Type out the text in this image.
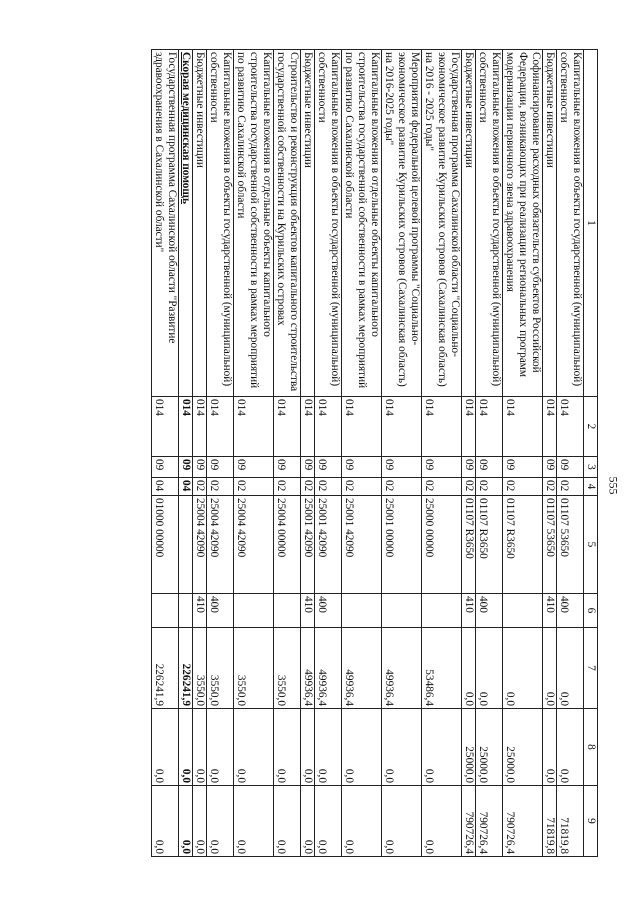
555
1	2	3	4	5	6	7	8	9
Капитальные вложения в объекты государственной (муниципальной) собственности	014	09	02	01107 53650	400	0,0	0,0	71819,8
Бюджетные инвестиции	014	09	02	01107 53650	410	0,0	0,0	71819,8
Софинансирование расходных обязательств субъектов Российской Федерации, возникающих при реализации региональных программ модернизации первичного звена здравоохранения	014	09	02	01107 R3650		0,0	25000,0	790726,4
Капитальные вложения в объекты государственной (муниципальной) собственности	014	09	02	01107 R3650	400	0,0	25000,0	790726,4
Бюджетные инвестиции	014	09	02	01107 R3650	410	0,0	25000,0	790726,4
Государственная программа Сахалинской области "Социально-экономическое развитие Курильских островов (Сахалинская область) на 2016 - 2025 годы"	014	09	02	25000 00000		53486,4	0,0	0,0
Мероприятия федеральной целевой программы "Социально-экономическое развитие Курильских островов (Сахалинская область) на 2016-2025 годы"	014	09	02	25001 00000		49936,4	0,0	0,0
Капитальные вложения в отдельные объекты капитального строительства государственной собственности в рамках мероприятий по развитию Сахалинской области	014	09	02	25001 42090		49936,4	0,0	0,0
Капитальные вложения в объекты государственной (муниципальной) собственности	014	09	02	25001 42090	400	49936,4	0,0	0,0
Бюджетные инвестиции	014	09	02	25001 42090	410	49936,4	0,0	0,0
Строительство и реконструкция объектов капитального строительства государственной собственности на Курильских островах	014	09	02	25004 00000		3550,0	0,0	0,0
Капитальные вложения в отдельные объекты капитального строительства государственной собственности в рамках мероприятий по развитию Сахалинской области	014	09	02	25004 42090		3550,0	0,0	0,0
Капитальные вложения в объекты государственной (муниципальной) собственности	014	09	02	25004 42090	400	3550,0	0,0	0,0
Бюджетные инвестиции	014	09	02	25004 42090	410	3550,0	0,0	0,0
Скорая медицинская помощь	014	09	04			226241,9	0,0	0,0
Государственная программа Сахалинской области "Развитие здравоохранения в Сахалинской области"	014	09	04	01000 00000		226241,9	0,0	0,0
